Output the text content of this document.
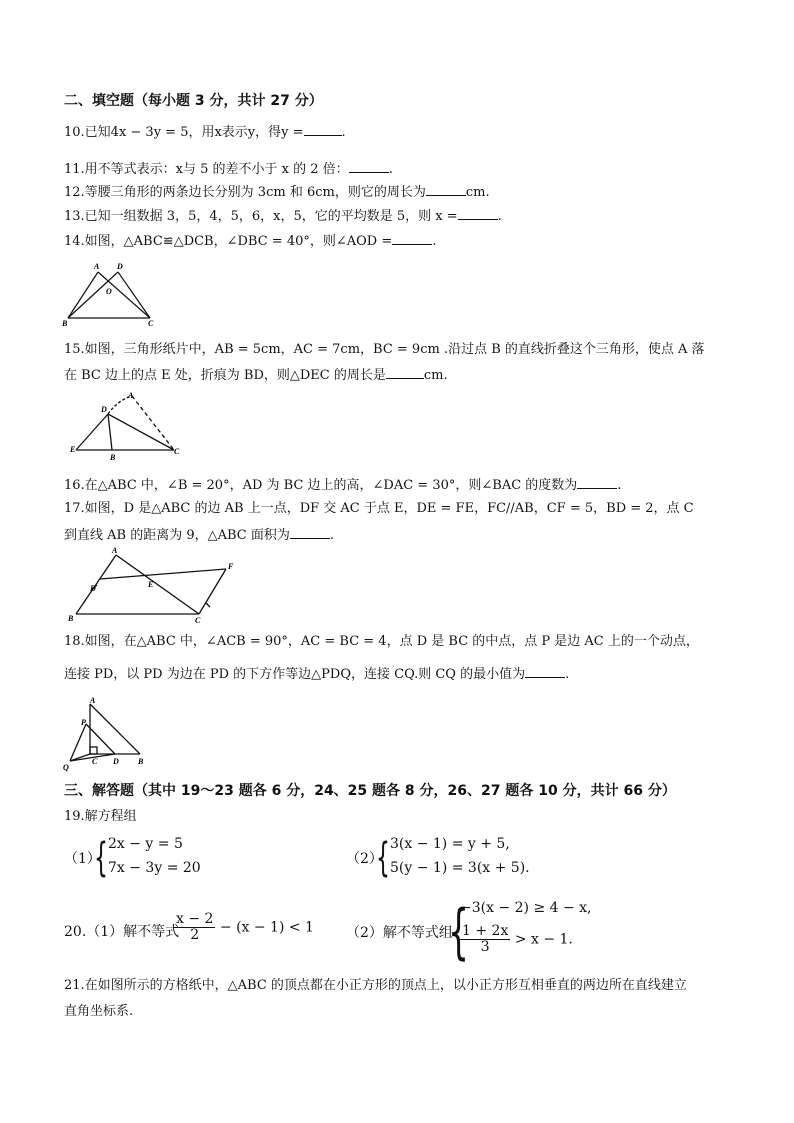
二、填空题（每小题 3 分，共计 27 分）
10.已知4x − 3y = 5，用x表示y，得y =	.
11.用不等式表示：x与 5 的差不小于 x 的 2 倍：	.
12.等腰三角形的两条边长分别为 3cm 和 6cm，则它的周长为	cm.
13.已知一组数据 3，5，4，5，6，x，5，它的平均数是 5，则 x =	.
14.如图，△ABC≌△DCB，∠DBC = 40°，则∠AOD =	.
A D
O
B	C
15.如图，三角形纸片中，AB = 5cm，AC = 7cm，BC = 9cm .沿过点 B 的直线折叠这个三角形，使点 A 落
在 BC 边上的点 E 处，折痕为 BD，则△DEC 的周长是	cm.
A
D
E
B
C
16.在△ABC 中，∠B = 20°，AD 为 BC 边上的高，∠DAC = 30°，则∠BAC 的度数为	.
17.如图，D 是△ABC 的边 AB 上一点，DF 交 AC 于点 E，DE = FE，FC//AB，CF = 5，BD = 2，点 C
到直线 AB 的距离为 9，△ABC 面积为	.
A
D	E
F
B	C
18.如图，在△ABC 中，∠ACB = 90°，AC = BC = 4，点 D 是 BC 的中点，点 P 是边 AC 上的一个动点，
连接 PD，以 PD 为边在 PD 的下方作等边△PDQ，连接 CQ.则 CQ 的最小值为	.
A
P
Q
C D B
三、解答题（其中 19～23 题各 6 分，24、25 题各 8 分，26、27 题各 10 分，共计 66 分）
19.解方程组
（1）
{ 2x − y = 5
7x − 3y = 20
（2）
{ 3(x − 1) = y + 5,
5(y − 1) = 3(x + 5).
20.（1）解不等式
$\frac{x - 2}{2} - (x - 1) < 1$ （2）解不等式组
{
−3(x − 2) ≥ 4 − x,
$\frac{1 + 2x}{3} > x - 1$.
21.在如图所示的方格纸中，△ABC 的顶点都在小正方形的顶点上，以小正方形互相垂直的两边所在直线建立
直角坐标系.
